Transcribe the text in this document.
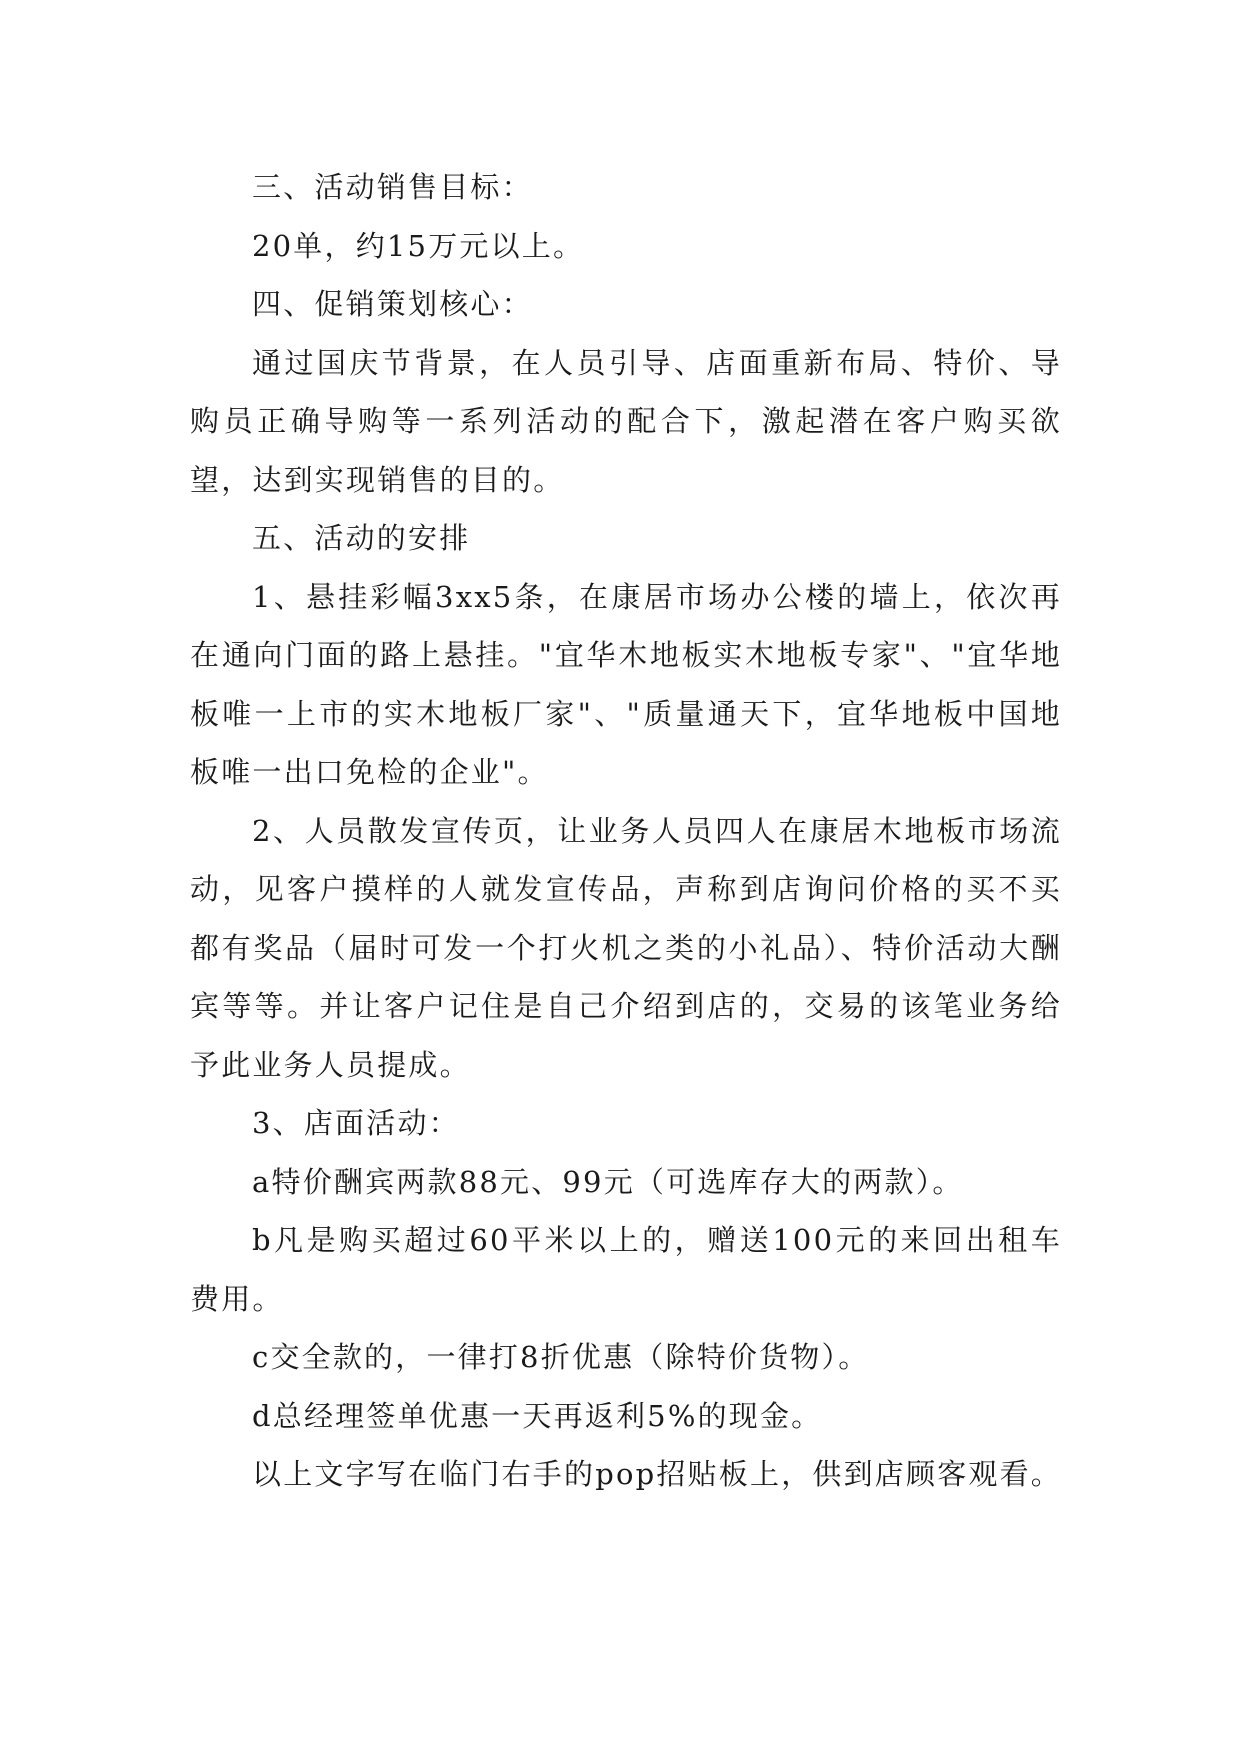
三、活动销售目标：

20单，约15万元以上。

四、促销策划核心：

通过国庆节背景，在人员引导、店面重新布局、特价、导购员正确导购等一系列活动的配合下，激起潜在客户购买欲望，达到实现销售的目的。

五、活动的安排

1、悬挂彩幅3xx5条，在康居市场办公楼的墙上，依次再在通向门面的路上悬挂。"宜华木地板实木地板专家"、"宜华地板唯一上市的实木地板厂家"、"质量通天下，宜华地板中国地板唯一出口免检的企业"。

2、人员散发宣传页，让业务人员四人在康居木地板市场流动，见客户摸样的人就发宣传品，声称到店询问价格的买不买都有奖品（届时可发一个打火机之类的小礼品）、特价活动大酬宾等等。并让客户记住是自己介绍到店的，交易的该笔业务给予此业务人员提成。

3、店面活动：

a特价酬宾两款88元、99元（可选库存大的两款）。

b凡是购买超过60平米以上的，赠送100元的来回出租车费用。

c交全款的，一律打8折优惠（除特价货物）。

d总经理签单优惠一天再返利5%的现金。

以上文字写在临门右手的pop招贴板上，供到店顾客观看。
